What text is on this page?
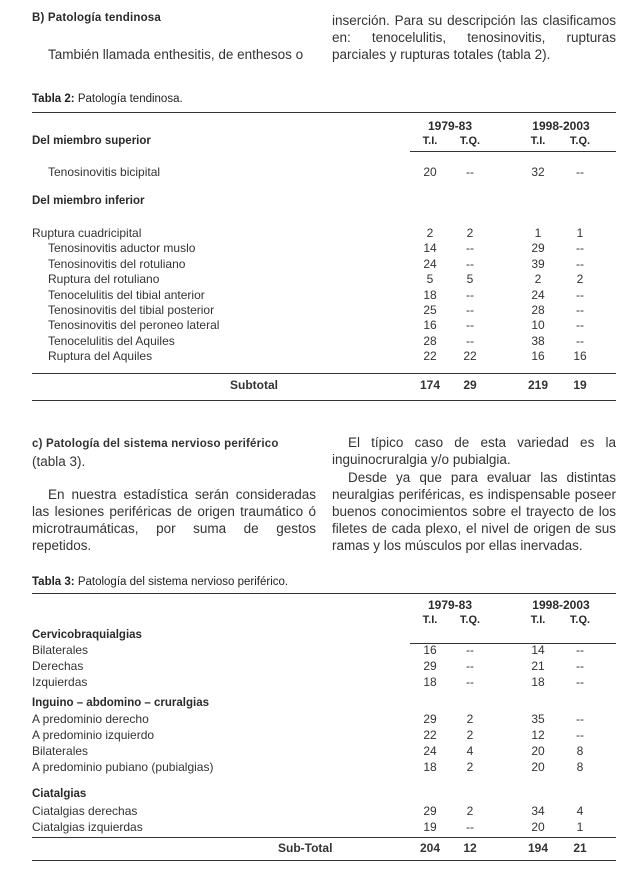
B) Patología tendinosa
También llamada enthesitis, de enthesos o
inserción. Para su descripción las clasificamos en: tenocelulitis, tenosinovitis, rupturas parciales y rupturas totales (tabla 2).
Tabla 2: Patología tendinosa.
1979-83	1998-2003
T.I.	T.Q.	T.I.	T.Q.
Del miembro superior
Tenosinovitis bicipital	20	--	32	--
Del miembro inferior
Ruptura cuadricipital	2	2	1	1
Tenosinovitis aductor muslo	14	--	29	--
Tenosinovitis del rotuliano	24	--	39	--
Ruptura del rotuliano	5	5	2	2
Tenocelulitis del tibial anterior	18	--	24	--
Tenosinovitis del tibial posterior	25	--	28	--
Tenosinovitis del peroneo lateral	16	--	10	--
Tenocelulitis del Aquiles	28	--	38	--
Ruptura del Aquiles	22	22	16	16
Subtotal	174	29	219	19
c) Patología del sistema nervioso periférico (tabla 3).
En nuestra estadística serán consideradas las lesiones periféricas de origen traumático ó microtraumáticas, por suma de gestos repetidos.
El típico caso de esta variedad es la inguinocruralgia y/o pubialgia.
Desde ya que para evaluar las distintas neuralgias periféricas, es indispensable poseer buenos conocimientos sobre el trayecto de los filetes de cada plexo, el nivel de origen de sus ramas y los músculos por ellas inervadas.
Tabla 3: Patología del sistema nervioso periférico.
1979-83	1998-2003
T.I.	T.Q.	T.I.	T.Q.
Cervicobraquialgias
Bilaterales	16	--	14	--
Derechas	29	--	21	--
Izquierdas	18	--	18	--
Inguino – abdomino – cruralgias
A predominio derecho	29	2	35	--
A predominio izquierdo	22	2	12	--
Bilaterales	24	4	20	8
A predominio pubiano (pubialgias)	18	2	20	8
Ciatalgias
Ciatalgias derechas	29	2	34	4
Ciatalgias izquierdas	19	--	20	1
Sub-Total	204	12	194	21
